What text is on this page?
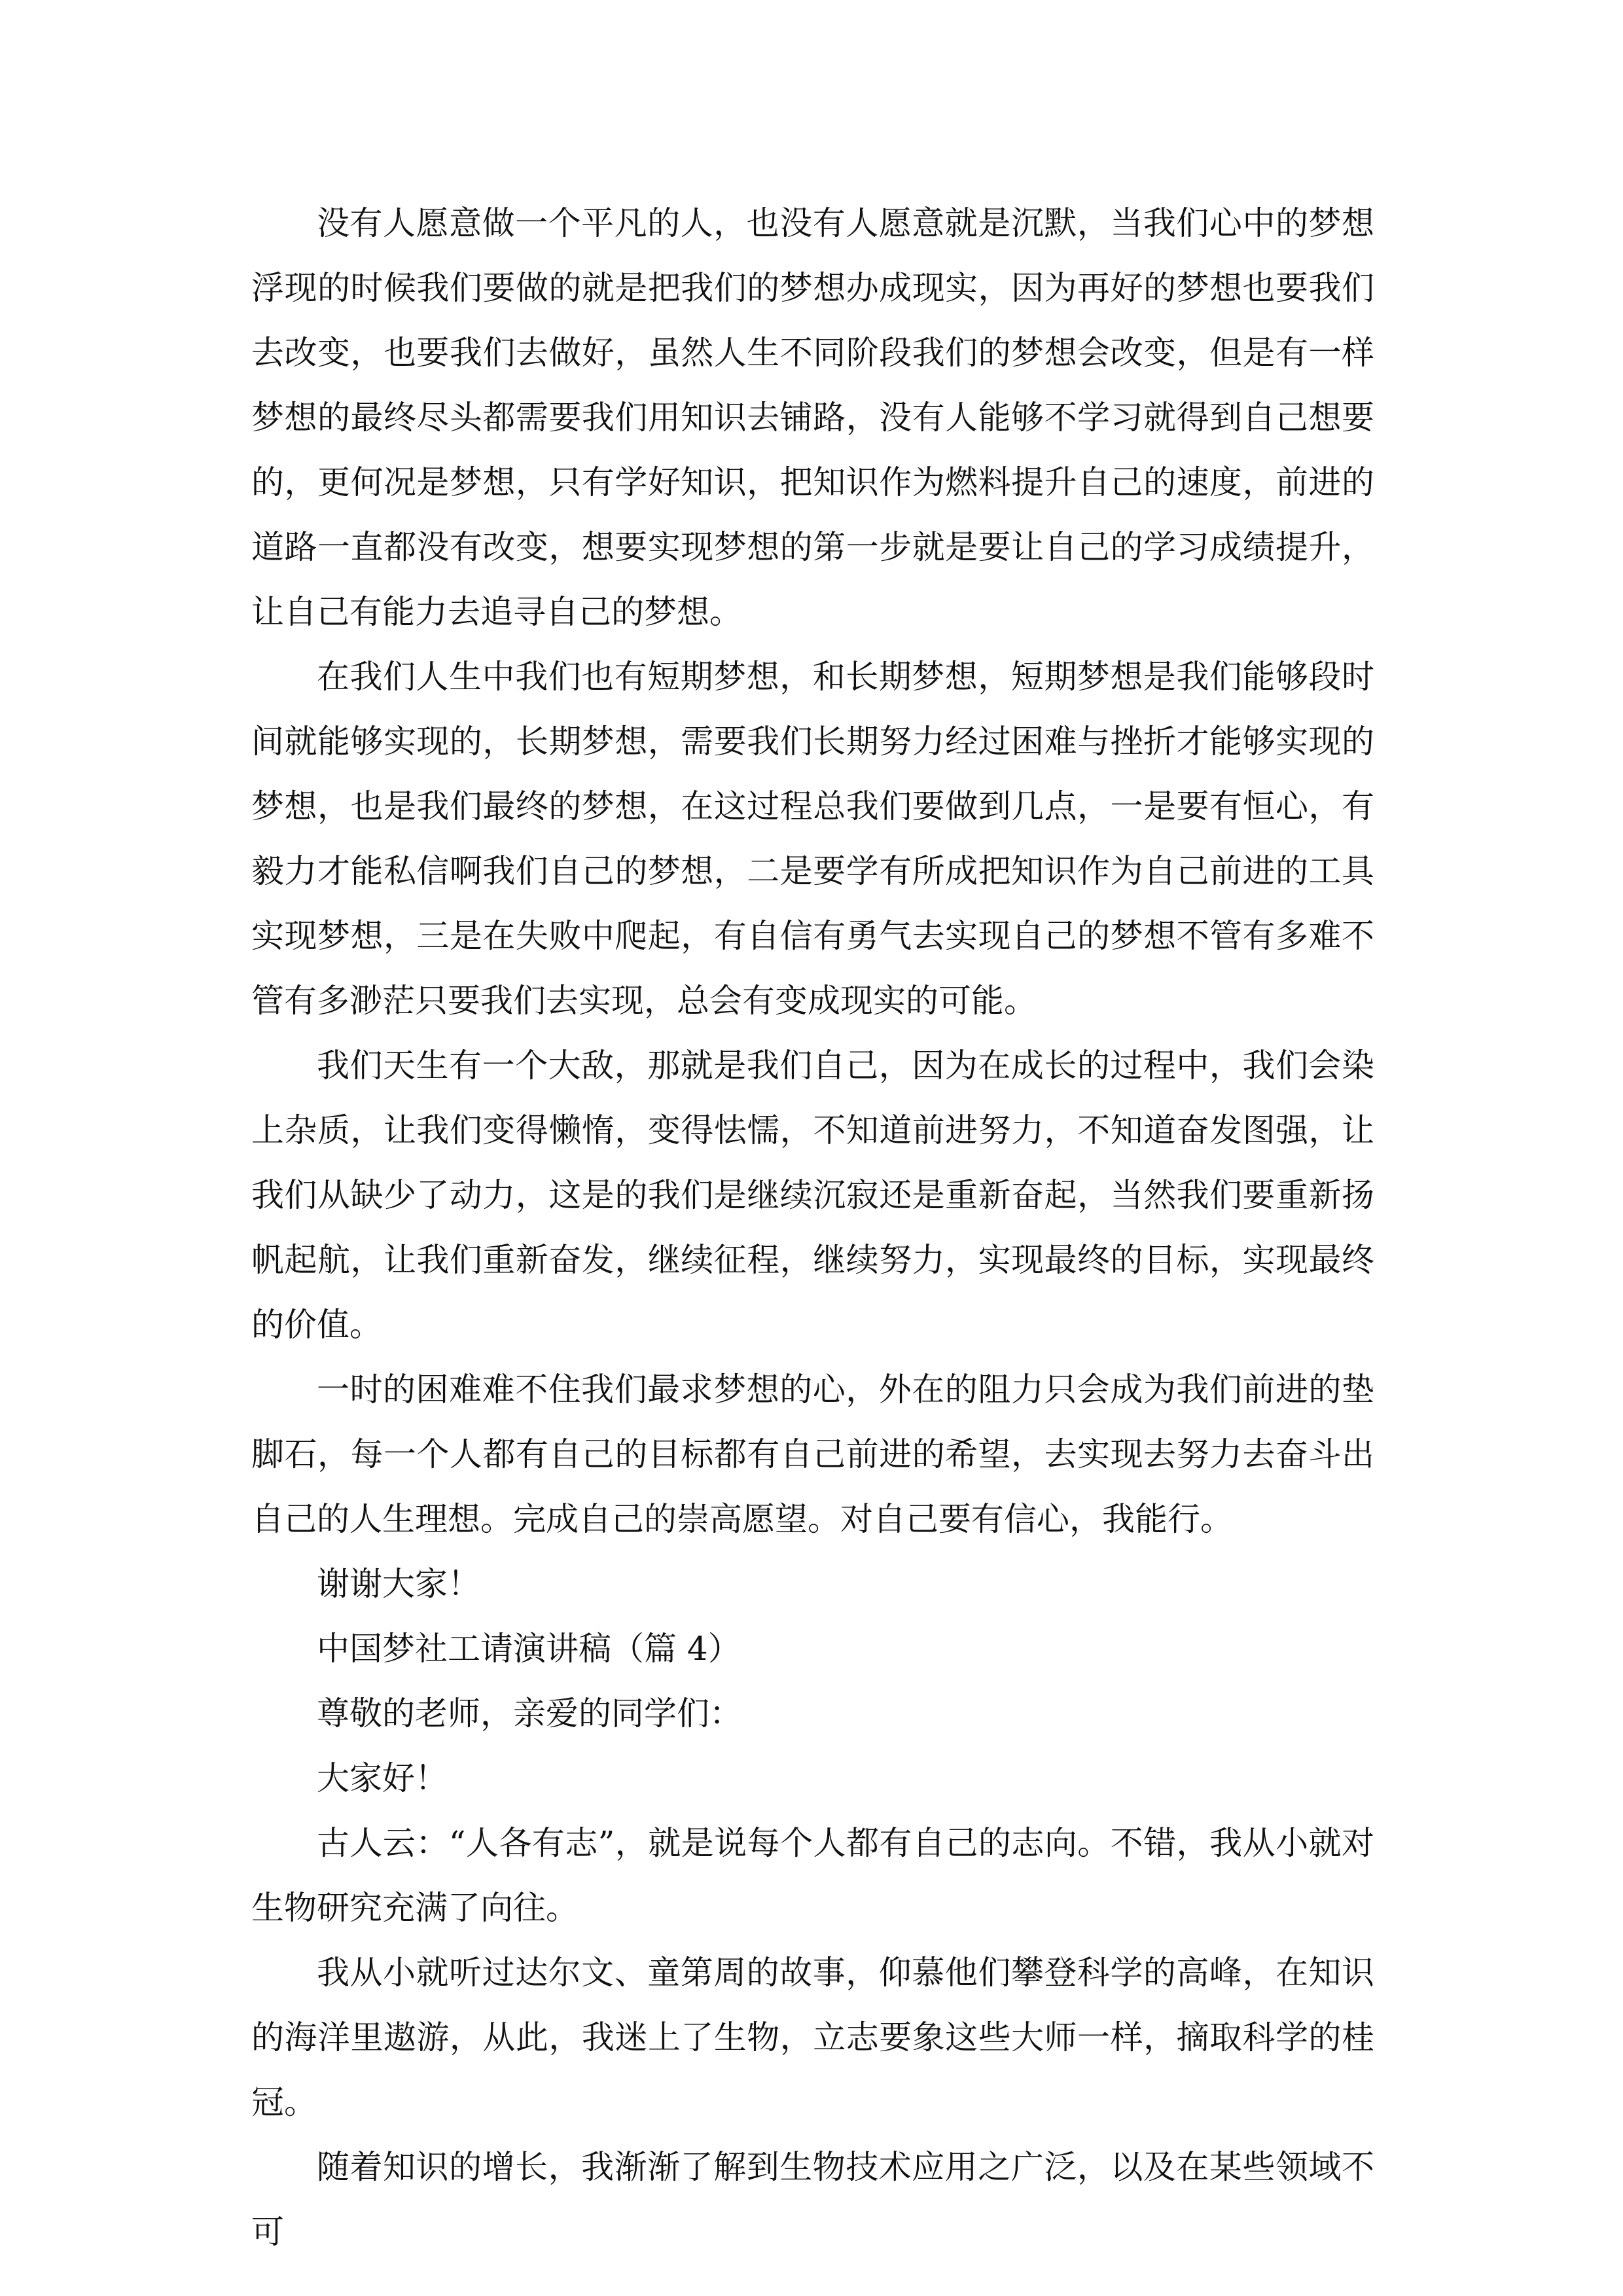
没有人愿意做一个平凡的人，也没有人愿意就是沉默，当我们心中的梦想浮现的时候我们要做的就是把我们的梦想办成现实，因为再好的梦想也要我们去改变，也要我们去做好，虽然人生不同阶段我们的梦想会改变，但是有一样梦想的最终尽头都需要我们用知识去铺路，没有人能够不学习就得到自己想要的，更何况是梦想，只有学好知识，把知识作为燃料提升自己的速度，前进的道路一直都没有改变，想要实现梦想的第一步就是要让自己的学习成绩提升，让自己有能力去追寻自己的梦想。

在我们人生中我们也有短期梦想，和长期梦想，短期梦想是我们能够段时间就能够实现的，长期梦想，需要我们长期努力经过困难与挫折才能够实现的梦想，也是我们最终的梦想，在这过程总我们要做到几点，一是要有恒心，有毅力才能私信啊我们自己的梦想，二是要学有所成把知识作为自己前进的工具实现梦想，三是在失败中爬起，有自信有勇气去实现自己的梦想不管有多难不管有多渺茫只要我们去实现，总会有变成现实的可能。

我们天生有一个大敌，那就是我们自己，因为在成长的过程中，我们会染上杂质，让我们变得懒惰，变得怯懦，不知道前进努力，不知道奋发图强，让我们从缺少了动力，这是的我们是继续沉寂还是重新奋起，当然我们要重新扬帆起航，让我们重新奋发，继续征程，继续努力，实现最终的目标，实现最终的价值。

一时的困难难不住我们最求梦想的心，外在的阻力只会成为我们前进的垫脚石，每一个人都有自己的目标都有自己前进的希望，去实现去努力去奋斗出自己的人生理想。完成自己的崇高愿望。对自己要有信心，我能行。

谢谢大家！

中国梦社工请演讲稿（篇 4）

尊敬的老师，亲爱的同学们：

大家好！

古人云：“人各有志”，就是说每个人都有自己的志向。不错，我从小就对生物研究充满了向往。

我从小就听过达尔文、童第周的故事，仰慕他们攀登科学的高峰，在知识的海洋里遨游，从此，我迷上了生物，立志要象这些大师一样，摘取科学的桂冠。

随着知识的增长，我渐渐了解到生物技术应用之广泛，以及在某些领域不可
